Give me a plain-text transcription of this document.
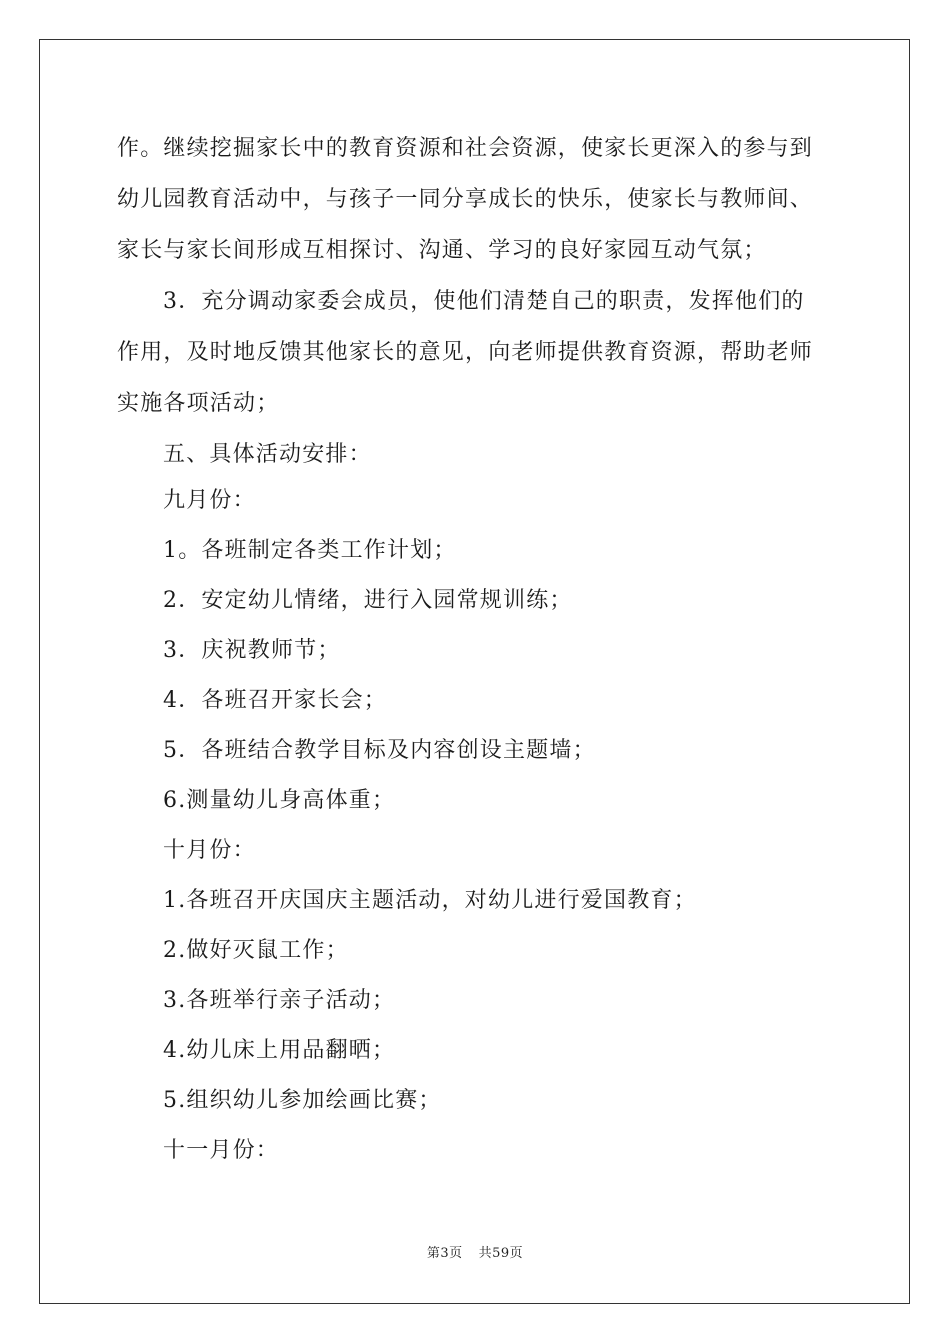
作。继续挖掘家长中的教育资源和社会资源，使家长更深入的参与到
幼儿园教育活动中，与孩子一同分享成长的快乐，使家长与教师间、
家长与家长间形成互相探讨、沟通、学习的良好家园互动气氛；
3．充分调动家委会成员，使他们清楚自己的职责，发挥他们的
作用，及时地反馈其他家长的意见，向老师提供教育资源，帮助老师
实施各项活动；
五、具体活动安排：
九月份：
1。各班制定各类工作计划；
2．安定幼儿情绪，进行入园常规训练；
3．庆祝教师节；
4．各班召开家长会；
5．各班结合教学目标及内容创设主题墙；
6.测量幼儿身高体重；
十月份：
1.各班召开庆国庆主题活动，对幼儿进行爱国教育；
2.做好灭鼠工作；
3.各班举行亲子活动；
4.幼儿床上用品翻晒；
5.组织幼儿参加绘画比赛；
十一月份：
第3页 共59页
